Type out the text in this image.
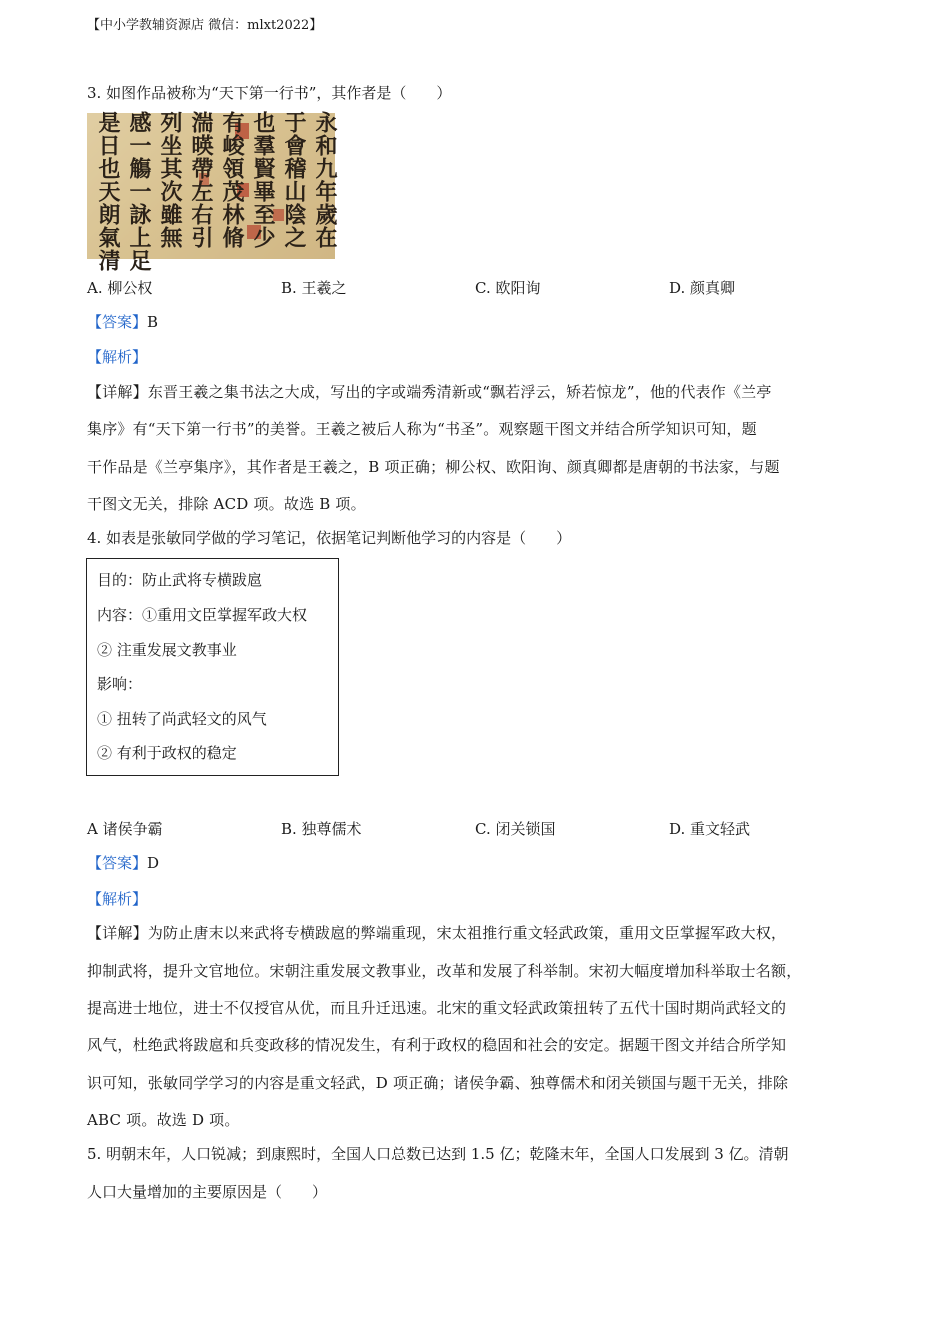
【中小学教辅资源店 微信：mlxt2022】
3. 如图作品被称为“天下第一行书”，其作者是（　　）
永和九年歲在
于會稽山陰之
也羣賢畢至少
有峻領茂林脩
湍暎帶左右引
列坐其次雖無
感一觴一詠上足
是日也天朗氣清
A. 柳公权	B. 王羲之	C. 欧阳询	D. 颜真卿
【答案】B
【解析】
【详解】东晋王羲之集书法之大成，写出的字或端秀清新或“飘若浮云，矫若惊龙”，他的代表作《兰亭
集序》有“天下第一行书”的美誉。王羲之被后人称为“书圣”。观察题干图文并结合所学知识可知，题
干作品是《兰亭集序》，其作者是王羲之，B 项正确；柳公权、欧阳询、颜真卿都是唐朝的书法家，与题
干图文无关，排除 ACD 项。故选 B 项。
4. 如表是张敏同学做的学习笔记，依据笔记判断他学习的内容是（　　）
目的：防止武将专横跋扈
内容：①重用文臣掌握军政大权
② 注重发展文教事业
影响：
① 扭转了尚武轻文的风气
② 有利于政权的稳定
A 诸侯争霸	B. 独尊儒术	C. 闭关锁国	D. 重文轻武
【答案】D
【解析】
【详解】为防止唐末以来武将专横跋扈的弊端重现，宋太祖推行重文轻武政策，重用文臣掌握军政大权，
抑制武将，提升文官地位。宋朝注重发展文教事业，改革和发展了科举制。宋初大幅度增加科举取士名额，
提高进士地位，进士不仅授官从优，而且升迁迅速。北宋的重文轻武政策扭转了五代十国时期尚武轻文的
风气，杜绝武将跋扈和兵变政移的情况发生，有利于政权的稳固和社会的安定。据题干图文并结合所学知
识可知，张敏同学学习的内容是重文轻武，D 项正确；诸侯争霸、独尊儒术和闭关锁国与题干无关，排除
ABC 项。故选 D 项。
5. 明朝末年，人口锐减；到康熙时，全国人口总数已达到 1.5 亿；乾隆末年，全国人口发展到 3 亿。清朝
人口大量增加的主要原因是（　　）
